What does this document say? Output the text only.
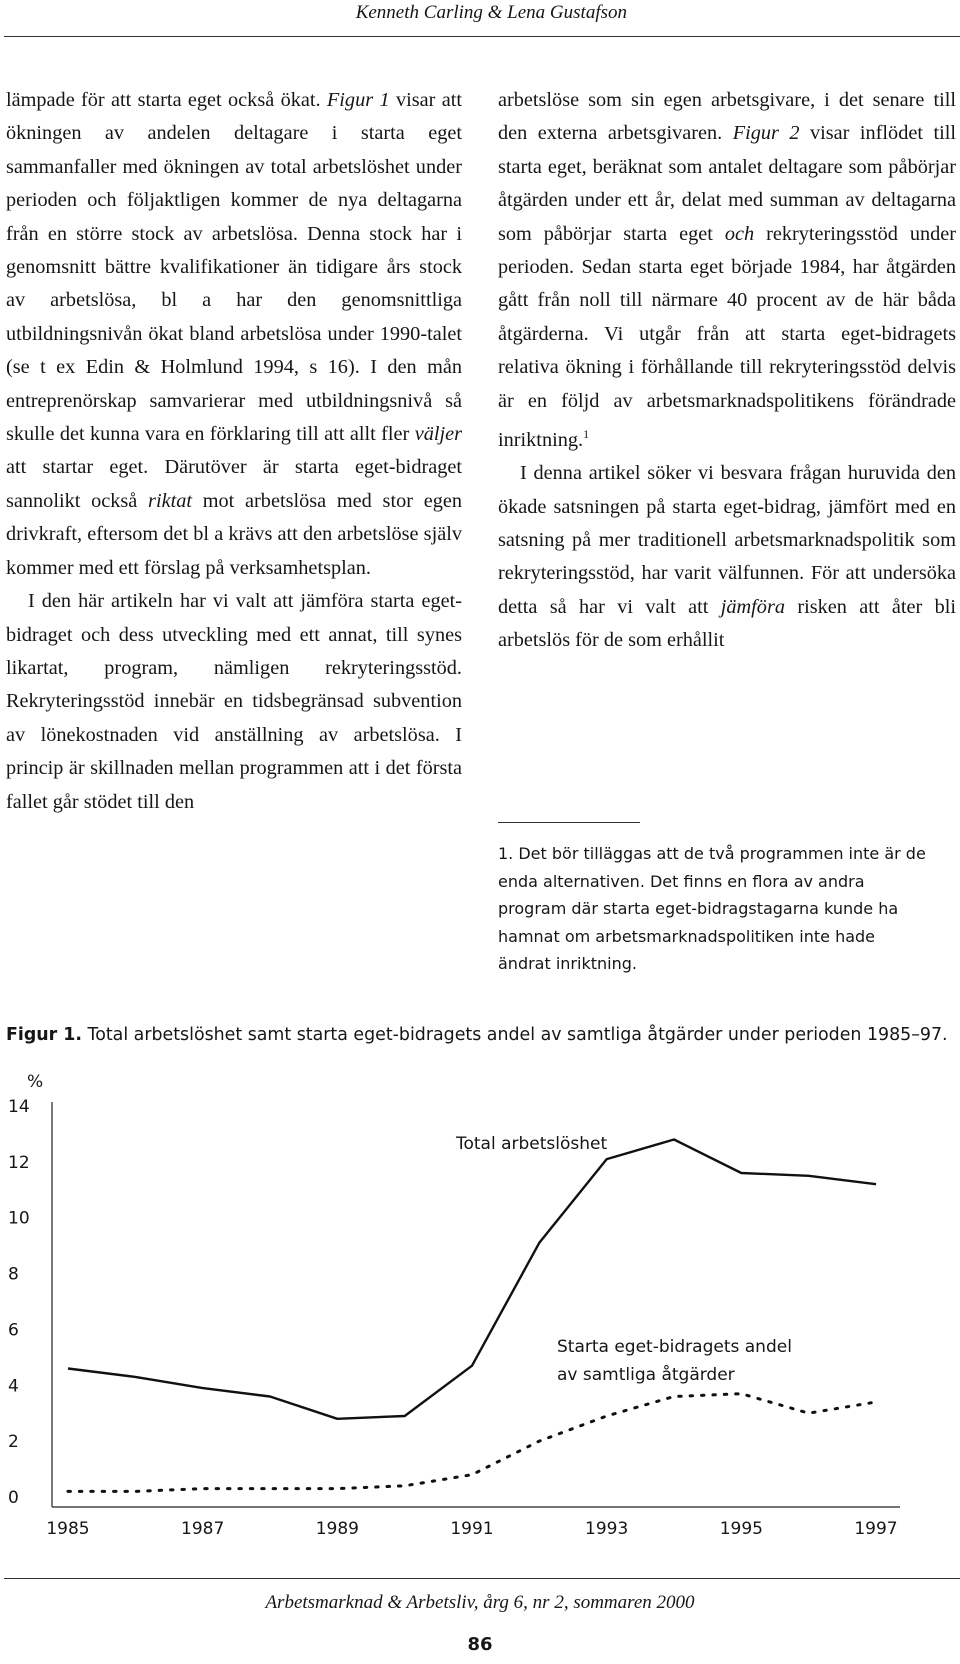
Kenneth Carling & Lena Gustafson

lämpade för att starta eget också ökat. Figur 1 visar att ökningen av andelen deltagare i starta eget sammanfaller med ökningen av total arbetslöshet under perioden och följaktligen kommer de nya deltagarna från en större stock av arbetslösa. Denna stock har i genomsnitt bättre kvalifikationer än tidigare års stock av arbetslösa, bl a har den genomsnittliga utbildningsnivån ökat bland arbetslösa under 1990-talet (se t ex Edin & Holmlund 1994, s 16). I den mån entreprenörskap samvarierar med utbildningsnivå så skulle det kunna vara en förklaring till att allt fler väljer att startar eget. Därutöver är starta eget-bidraget sannolikt också riktat mot arbetslösa med stor egen drivkraft, eftersom det bl a krävs att den arbetslöse själv kommer med ett förslag på verksamhetsplan.

I den här artikeln har vi valt att jämföra starta eget-bidraget och dess utveckling med ett annat, till synes likartat, program, nämligen rekryteringsstöd. Rekryteringsstöd innebär en tidsbegränsad subvention av lönekostnaden vid anställning av arbetslösa. I princip är skillnaden mellan programmen att i det första fallet går stödet till den

arbetslöse som sin egen arbetsgivare, i det senare till den externa arbetsgivaren. Figur 2 visar inflödet till starta eget, beräknat som antalet deltagare som påbörjar åtgärden under ett år, delat med summan av deltagarna som påbörjar starta eget och rekryteringsstöd under perioden. Sedan starta eget började 1984, har åtgärden gått från noll till närmare 40 procent av de här båda åtgärderna. Vi utgår från att starta eget-bidragets relativa ökning i förhållande till rekryteringsstöd delvis är en följd av arbetsmarknadspolitikens förändrade inriktning.$^1$

I denna artikel söker vi besvara frågan huruvida den ökade satsningen på starta eget-bidrag, jämfört med en satsning på mer traditionell arbetsmarknadspolitik som rekryteringsstöd, har varit välfunnen. För att undersöka detta så har vi valt att jämföra risken att åter bli arbetslös för de som erhållit

1. Det bör tilläggas att de två programmen inte är de enda alternativen. Det finns en flora av andra program där starta eget-bidragstagarna kunde ha hamnat om arbetsmarknadspolitiken inte hade ändrat inriktning.
Figur 1. Total arbetslöshet samt starta eget-bidragets andel av samtliga åtgärder under perioden 1985–97.
%
0
2
4
6
8
10
12
14
1985	1987	1989	1991	1993	1995	1997
Total arbetslöshet
Starta eget-bidragets andel
av samtliga åtgärder
Arbetsmarknad & Arbetsliv, årg 6, nr 2, sommaren 2000
86
